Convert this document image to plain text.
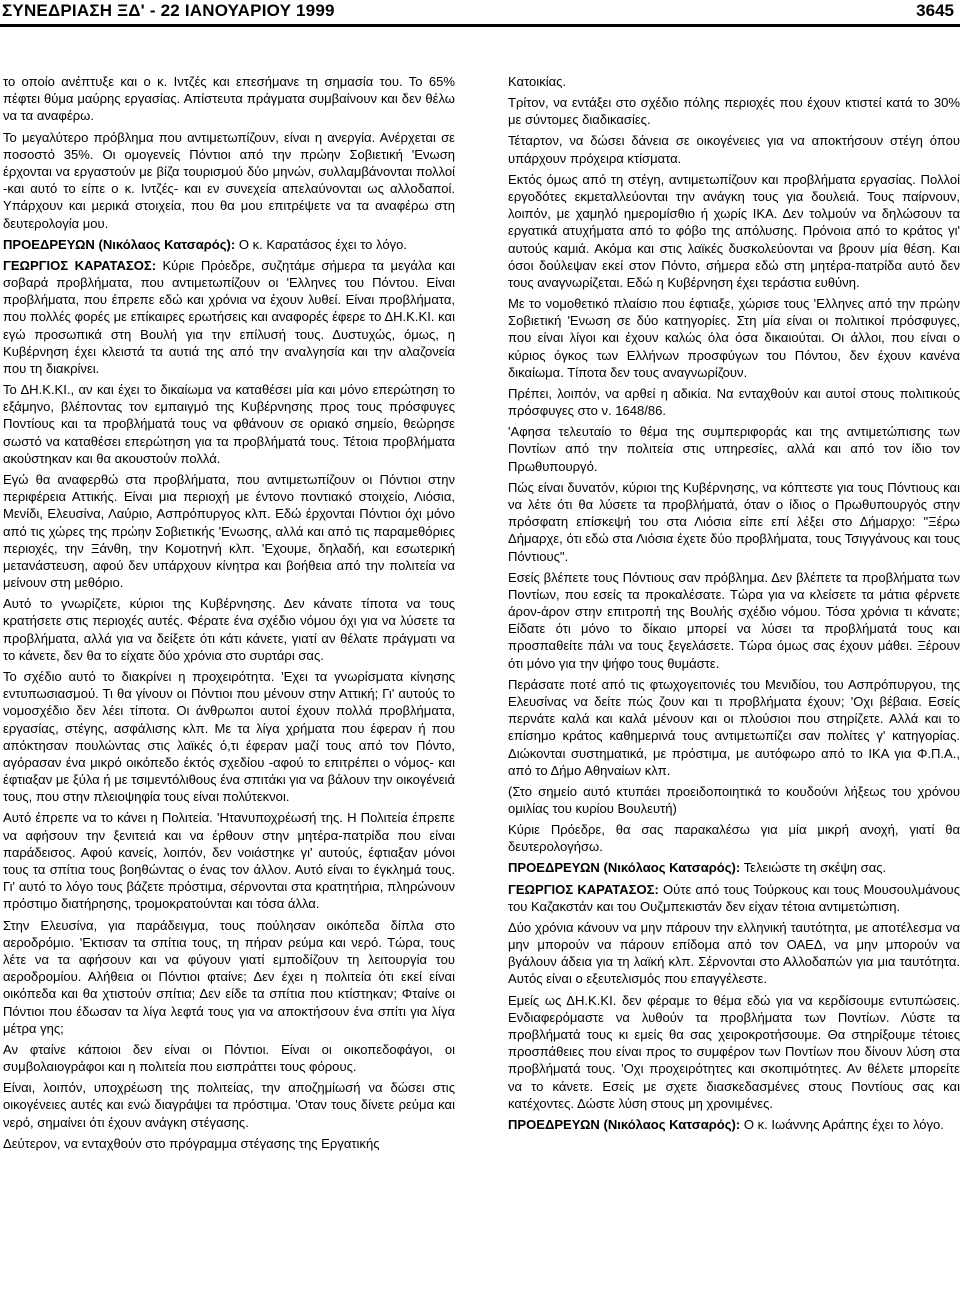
ΣΥΝΕΔΡΙΑΣΗ ΞΔ' - 22 ΙΑΝΟΥΑΡΙΟΥ 1999	3645

το οποίο ανέπτυξε και ο κ. Ιντζές και επεσήμανε τη σημασία του. Το 65% πέφτει θύμα μαύρης εργασίας. Απίστευτα πράγματα συμβαίνουν και δεν θέλω να τα αναφέρω.

Το μεγαλύτερο πρόβλημα που αντιμετωπίζουν, είναι η ανεργία. Ανέρχεται σε ποσοστό 35%. Οι ομογενείς Πόντιοι από την πρώην Σοβιετική 'Ενωση έρχονται να εργαστούν με βίζα τουρισμού δύο μηνών, συλλαμβάνονται πολλοί -και αυτό το είπε ο κ. Ιντζές- και εν συνεχεία απελαύνονται ως αλλοδαποί. Υπάρχουν και μερικά στοιχεία, που θα μου επιτρέψετε να τα αναφέρω στη δευτερολογία μου.

ΠΡΟΕΔΡΕΥΩΝ (Νικόλαος Κατσαρός): Ο κ. Καρατάσος έχει το λόγο.

ΓΕΩΡΓΙΟΣ ΚΑΡΑΤΑΣΟΣ: Κύριε Πρόεδρε, συζητάμε σήμερα τα μεγάλα και σοβαρά προβλήματα, που αντιμετωπίζουν οι 'Ελληνες του Πόντου. Είναι προβλήματα, που έπρεπε εδώ και χρόνια να έχουν λυθεί. Είναι προβλήματα, που πολλές φορές με επίκαιρες ερωτήσεις και αναφορές έφερε το ΔΗ.Κ.ΚΙ. και εγώ προσωπικά στη Βουλή για την επίλυσή τους. Δυστυχώς, όμως, η Κυβέρνηση έχει κλειστά τα αυτιά της από την αναλγησία και την αλαζονεία που τη διακρίνει.

Το ΔΗ.Κ.ΚΙ., αν και έχει το δικαίωμα να καταθέσει μία και μόνο επερώτηση το εξάμηνο, βλέποντας τον εμπαιγμό της Κυβέρνησης προς τους πρόσφυγες Ποντίους και τα προβλήματά τους να φθάνουν σε οριακό σημείο, θεώρησε σωστό να καταθέσει επερώτηση για τα προβλήματά τους. Τέτοια προβλήματα ακούστηκαν και θα ακουστούν πολλά.

Εγώ θα αναφερθώ στα προβλήματα, που αντιμετωπίζουν οι Πόντιοι στην περιφέρεια Αττικής. Είναι μια περιοχή με έντονο ποντιακό στοιχείο, Λιόσια, Μενίδι, Ελευσίνα, Λαύριο, Ασπρόπυργος κλπ. Εδώ έρχονται Πόντιοι όχι μόνο από τις χώρες της πρώην Σοβιετικής 'Ενωσης, αλλά και από τις παραμεθόριες περιοχές, την Ξάνθη, την Κομοτηνή κλπ. 'Εχουμε, δηλαδή, και εσωτερική μετανάστευση, αφού δεν υπάρχουν κίνητρα και βοήθεια από την πολιτεία να μείνουν στη μεθόριο.

Αυτό το γνωρίζετε, κύριοι της Κυβέρνησης. Δεν κάνατε τίποτα να τους κρατήσετε στις περιοχές αυτές. Φέρατε ένα σχέδιο νόμου όχι για να λύσετε τα προβλήματα, αλλά για να δείξετε ότι κάτι κάνετε, γιατί αν θέλατε πράγματι να το κάνετε, δεν θα το είχατε δύο χρόνια στο συρτάρι σας.

Το σχέδιο αυτό το διακρίνει η προχειρότητα. 'Εχει τα γνωρίσματα κίνησης εντυπωσιασμού. Τι θα γίνουν οι Πόντιοι που μένουν στην Αττική; Γι' αυτούς το νομοσχέδιο δεν λέει τίποτα. Οι άνθρωποι αυτοί έχουν πολλά προβλήματα, εργασίας, στέγης, ασφάλισης κλπ. Με τα λίγα χρήματα που έφεραν ή που απόκτησαν πουλώντας στις λαϊκές ό,τι έφεραν μαζί τους από τον Πόντο, αγόρασαν ένα μικρό οικόπεδο έκτός σχεδίου -αφού το επιτρέπει ο νόμος- και έφτιαξαν με ξύλα ή με τσιμεντόλιθους ένα σπιτάκι για να βάλουν την οικογένειά τους, που στην πλειοψηφία τους είναι πολύτεκνοι.

Αυτό έπρεπε να το κάνει η Πολιτεία. 'Ητανυποχρέωσή της. Η Πολιτεία έπρεπε να αφήσουν την ξενιτειά και να έρθουν στην μητέρα-πατρίδα που είναι παράδεισος. Αφού κανείς, λοιπόν, δεν νοιάστηκε γι' αυτούς, έφτιαξαν μόνοι τους τα σπίτια τους βοηθώντας ο ένας τον άλλον. Αυτό είναι το έγκλημά τους. Γι' αυτό το λόγο τους βάζετε πρόστιμα, σέρνονται στα κρατητήρια, πληρώνουν πρόστιμο διατήρησης, τρομοκρατούνται και τόσα άλλα.

Στην Ελευσίνα, για παράδειγμα, τους πούλησαν οικόπεδα δίπλα στο αεροδρόμιο. 'Εκτισαν τα σπίτια τους, τη πήραν ρεύμα και νερό. Τώρα, τους λέτε να τα αφήσουν και να φύγουν γιατί εμποδίζουν τη λειτουργία του αεροδρομίου. Αλήθεια οι Πόντιοι φταίνε; Δεν έχει η πολιτεία ότι εκεί είναι οικόπεδα και θα χτιστούν σπίτια; Δεν είδε τα σπίτια που κτίστηκαν; Φταίνε οι Πόντιοι που έδωσαν τα λίγα λεφτά τους για να αποκτήσουν ένα σπίτι για λίγα μέτρα γης;

Αν φταίνε κάποιοι δεν είναι οι Πόντιοι. Είναι οι οικοπεδοφάγοι, οι συμβολαιογράφοι και η πολιτεία που εισπράττει τους φόρους.

Είναι, λοιπόν, υποχρέωση της πολιτείας, την αποζημίωσή να δώσει στις οικογένειες αυτές και ενώ διαγράψει τα πρόστιμα. 'Οταν τους δίνετε ρεύμα και νερό, σημαίνει ότι έχουν ανάγκη στέγασης.

Δεύτερον, να ενταχθούν στο πρόγραμμα στέγασης της Εργατικής

Κατοικίας.

Τρίτον, να εντάξει στο σχέδιο πόλης περιοχές που έχουν κτιστεί κατά το 30% με σύντομες διαδικασίες.

Τέταρτον, να δώσει δάνεια σε οικογένειες για να αποκτήσουν στέγη όπου υπάρχουν πρόχειρα κτίσματα.

Εκτός όμως από τη στέγη, αντιμετωπίζουν και προβλήματα εργασίας. Πολλοί εργοδότες εκμεταλλεύονται την ανάγκη τους για δουλειά. Τους παίρνουν, λοιπόν, με χαμηλό ημερομίσθιο ή χωρίς ΙΚΑ. Δεν τολμούν να δηλώσουν τα εργατικά ατυχήματα από το φόβο της απόλυσης. Πρόνοια από το κράτος γι' αυτούς καμιά. Ακόμα και στις λαϊκές δυσκολεύονται να βρουν μία θέση. Και όσοι δούλεψαν εκεί στον Πόντο, σήμερα εδώ στη μητέρα-πατρίδα αυτό δεν τους αναγνωρίζεται. Εδώ η Κυβέρνηση έχει τεράστια ευθύνη.

Με το νομοθετικό πλαίσιο που έφτιαξε, χώρισε τους 'Ελληνες από την πρώην Σοβιετική 'Ενωση σε δύο κατηγορίες. Στη μία είναι οι πολιτικοί πρόσφυγες, που είναι λίγοι και έχουν καλώς όλα όσα δικαιούται. Οι άλλοι, που είναι ο κύριος όγκος των Ελλήνων προσφύγων του Πόντου, δεν έχουν κανένα δικαίωμα. Τίποτα δεν τους αναγνωρίζουν.

Πρέπει, λοιπόν, να αρθεί η αδικία. Να ενταχθούν και αυτοί στους πολιτικούς πρόσφυγες στο ν. 1648/86.

'Αφησα τελευταίο το θέμα της συμπεριφοράς και της αντιμετώπισης των Ποντίων από την πολιτεία στις υπηρεσίες, αλλά και από τον ίδιο τον Πρωθυπουργό.

Πώς είναι δυνατόν, κύριοι της Κυβέρνησης, να κόπτεστε για τους Πόντιους και να λέτε ότι θα λύσετε τα προβλήματά, όταν ο ίδιος ο Πρωθυπουργός στην πρόσφατη επίσκεψή του στα Λιόσια είπε επί λέξει στο Δήμαρχο: "Ξέρω Δήμαρχε, ότι εδώ στα Λιόσια έχετε δύο προβλήματα, τους Τσιγγάνους και τους Πόντιους".

Εσείς βλέπετε τους Πόντιους σαν πρόβλημα. Δεν βλέπετε τα προβλήματα των Ποντίων, που εσείς τα προκαλέσατε. Τώρα για να κλείσετε τα μάτια φέρνετε άρον-άρον στην επιτροπή της Βουλής σχέδιο νόμου. Τόσα χρόνια τι κάνατε; Είδατε ότι μόνο το δίκαιο μπορεί να λύσει τα προβλήματά τους και προσπαθείτε πάλι να τους ξεγελάσετε. Τώρα όμως σας έχουν μάθει. Ξέρουν ότι μόνο για την ψήφο τους θυμάστε.

Περάσατε ποτέ από τις φτωχογειτονιές του Μενιδίου, του Ασπρόπυργου, της Ελευσίνας να δείτε πώς ζουν και τι προβλήματα έχουν; 'Οχι βέβαια. Εσείς περνάτε καλά και καλά μένουν και οι πλούσιοι που στηρίζετε. Αλλά και το επίσημο κράτος καθημερινά τους αντιμετωπίζει σαν πολίτες γ' κατηγορίας. Διώκονται συστηματικά, με πρόστιμα, με αυτόφωρο από το ΙΚΑ για Φ.Π.Α., από το Δήμο Αθηναίων κλπ.

(Στο σημείο αυτό κτυπάει προειδοποιητικά το κουδούνι λήξεως του χρόνου ομιλίας του κυρίου Βουλευτή)

Κύριε Πρόεδρε, θα σας παρακαλέσω για μία μικρή ανοχή, γιατί θα δευτερολογήσω.

ΠΡΟΕΔΡΕΥΩΝ (Νικόλαος Κατσαρός): Τελειώστε τη σκέψη σας.

ΓΕΩΡΓΙΟΣ ΚΑΡΑΤΑΣΟΣ: Ούτε από τους Τούρκους και τους Μουσουλμάνους του Καζακστάν και του Ουζμπεκιστάν δεν είχαν τέτοια αντιμετώπιση.

Δύο χρόνια κάνουν να μην πάρουν την ελληνική ταυτότητα, με αποτέλεσμα να μην μπορούν να πάρουν επίδομα από τον ΟΑΕΔ, να μην μπορούν να βγάλουν άδεια για τη λαϊκή κλπ. Σέρνονται στο Αλλοδαπών για μια ταυτότητα. Αυτός είναι ο εξευτελισμός που επαγγέλεστε.

Εμείς ως ΔΗ.Κ.ΚΙ. δεν φέραμε το θέμα εδώ για να κερδίσουμε εντυπώσεις. Ενδιαφερόμαστε να λυθούν τα προβλήματα των Ποντίων. Λύστε τα προβλήματά τους κι εμείς θα σας χειροκροτήσουμε. Θα στηρίξουμε τέτοιες προσπάθειες που είναι προς το συμφέρον των Ποντίων που δίνουν λύση στα προβλήματά τους. 'Οχι προχειρότητες και σκοπιμότητες. Αν θέλετε μπορείτε να το κάνετε. Εσείς με σχετε διασκεδασμένες στους Ποντίους σας και κατέχοντες. Δώστε λύση στους μη χρονιμένες.

ΠΡΟΕΔΡΕΥΩΝ (Νικόλαος Κατσαρός): Ο κ. Ιωάννης Αράπης έχει το λόγο.
